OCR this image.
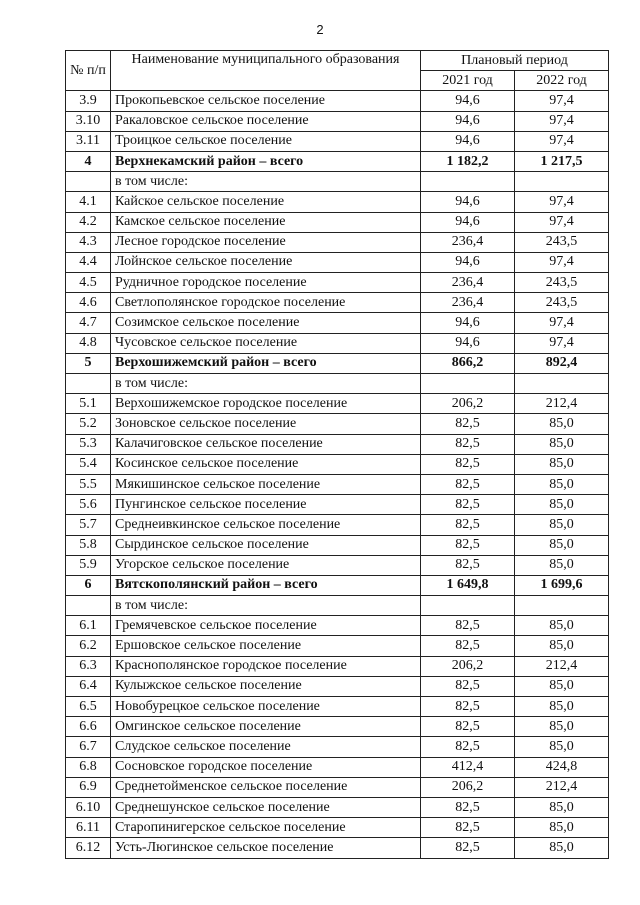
2
№ п/п	Наименование муниципального образования	Плановый период	
		2021 год	2022 год
3.9	Прокопьевское сельское поселение	94,6	97,4
3.10	Ракаловское сельское поселение	94,6	97,4
3.11	Троицкое сельское поселение	94,6	97,4
4	Верхнекамский район – всего	1 182,2	1 217,5
	в том числе:		
4.1	Кайское сельское поселение	94,6	97,4
4.2	Камское сельское поселение	94,6	97,4
4.3	Лесное городское поселение	236,4	243,5
4.4	Лойнское сельское поселение	94,6	97,4
4.5	Рудничное городское поселение	236,4	243,5
4.6	Светлополянское городское поселение	236,4	243,5
4.7	Созимское сельское поселение	94,6	97,4
4.8	Чусовское сельское поселение	94,6	97,4
5	Верхошижемский район – всего	866,2	892,4
	в том числе:		
5.1	Верхошижемское городское поселение	206,2	212,4
5.2	Зоновское сельское поселение	82,5	85,0
5.3	Калачиговское сельское поселение	82,5	85,0
5.4	Косинское сельское поселение	82,5	85,0
5.5	Мякишинское сельское поселение	82,5	85,0
5.6	Пунгинское сельское поселение	82,5	85,0
5.7	Среднеивкинское сельское поселение	82,5	85,0
5.8	Сырдинское сельское поселение	82,5	85,0
5.9	Угорское сельское поселение	82,5	85,0
6	Вятскополянский район – всего	1 649,8	1 699,6
	в том числе:		
6.1	Гремячевское сельское поселение	82,5	85,0
6.2	Ершовское сельское поселение	82,5	85,0
6.3	Краснополянское городское поселение	206,2	212,4
6.4	Кулыжское сельское поселение	82,5	85,0
6.5	Новобурецкое сельское поселение	82,5	85,0
6.6	Омгинское сельское поселение	82,5	85,0
6.7	Слудское сельское поселение	82,5	85,0
6.8	Сосновское городское поселение	412,4	424,8
6.9	Среднетойменское сельское поселение	206,2	212,4
6.10	Среднешунское сельское поселение	82,5	85,0
6.11	Старопинигерское сельское поселение	82,5	85,0
6.12	Усть-Люгинское сельское поселение	82,5	85,0
